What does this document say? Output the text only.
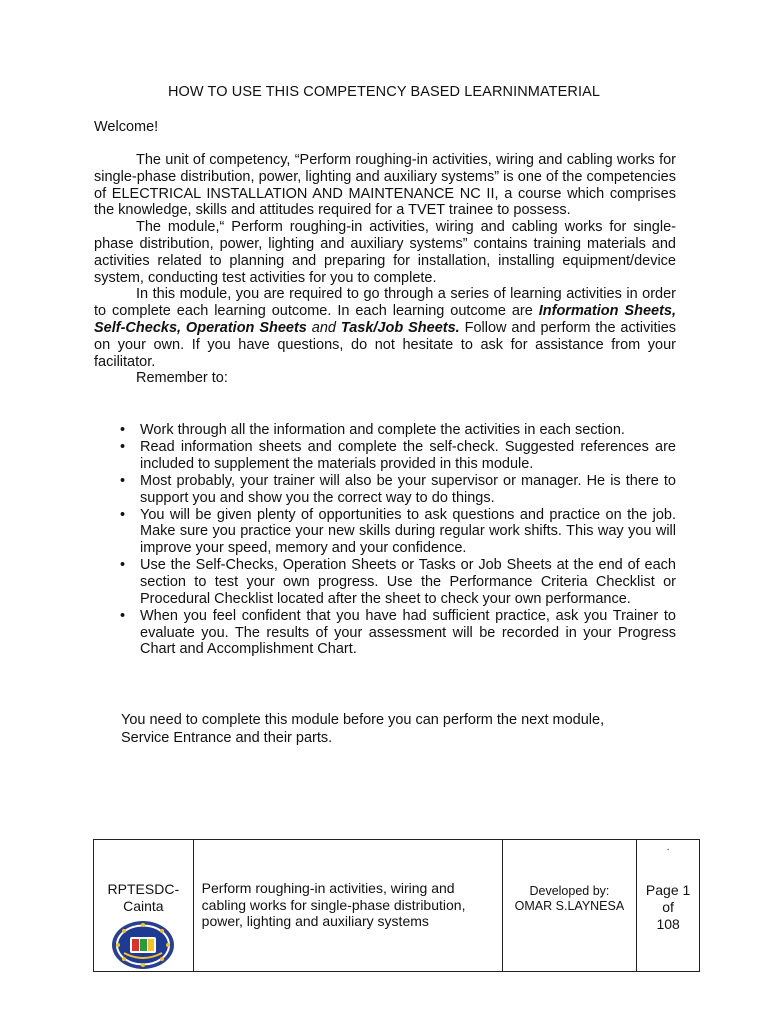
HOW TO USE THIS COMPETENCY BASED LEARNINMATERIAL
Welcome!

The unit of competency, “Perform roughing-in activities, wiring and cabling works for single-phase distribution, power, lighting and auxiliary systems” is one of the competencies of ELECTRICAL INSTALLATION AND MAINTENANCE NC II, a course which comprises the knowledge, skills and attitudes required for a TVET trainee to possess.

The module,“ Perform roughing-in activities, wiring and cabling works for single-phase distribution, power, lighting and auxiliary systems” contains training materials and activities related to planning and preparing for installation, installing equipment/device system, conducting test activities for you to complete.

In this module, you are required to go through a series of learning activities in order to complete each learning outcome. In each learning outcome are Information Sheets, Self-Checks, Operation Sheets and Task/Job Sheets. Follow and perform the activities on your own. If you have questions, do not hesitate to ask for assistance from your facilitator.

Remember to:

• Work through all the information and complete the activities in each section.
• Read information sheets and complete the self-check. Suggested references are included to supplement the materials provided in this module.
• Most probably, your trainer will also be your supervisor or manager. He is there to support you and show you the correct way to do things.
• You will be given plenty of opportunities to ask questions and practice on the job. Make sure you practice your new skills during regular work shifts. This way you will improve your speed, memory and your confidence.
• Use the Self-Checks, Operation Sheets or Tasks or Job Sheets at the end of each section to test your own progress. Use the Performance Criteria Checklist or Procedural Checklist located after the sheet to check your own performance.
• When you feel confident that you have had sufficient practice, ask you Trainer to evaluate you. The results of your assessment will be recorded in your Progress Chart and Accomplishment Chart.
You need to complete this module before you can perform the next module,
Service Entrance and their parts.
RPTESDC-
Cainta
Perform roughing-in activities, wiring and cabling works for single-phase distribution, power, lighting and auxiliary systems
Developed by:
OMAR S.LAYNESA
.
Page 1
of
108
